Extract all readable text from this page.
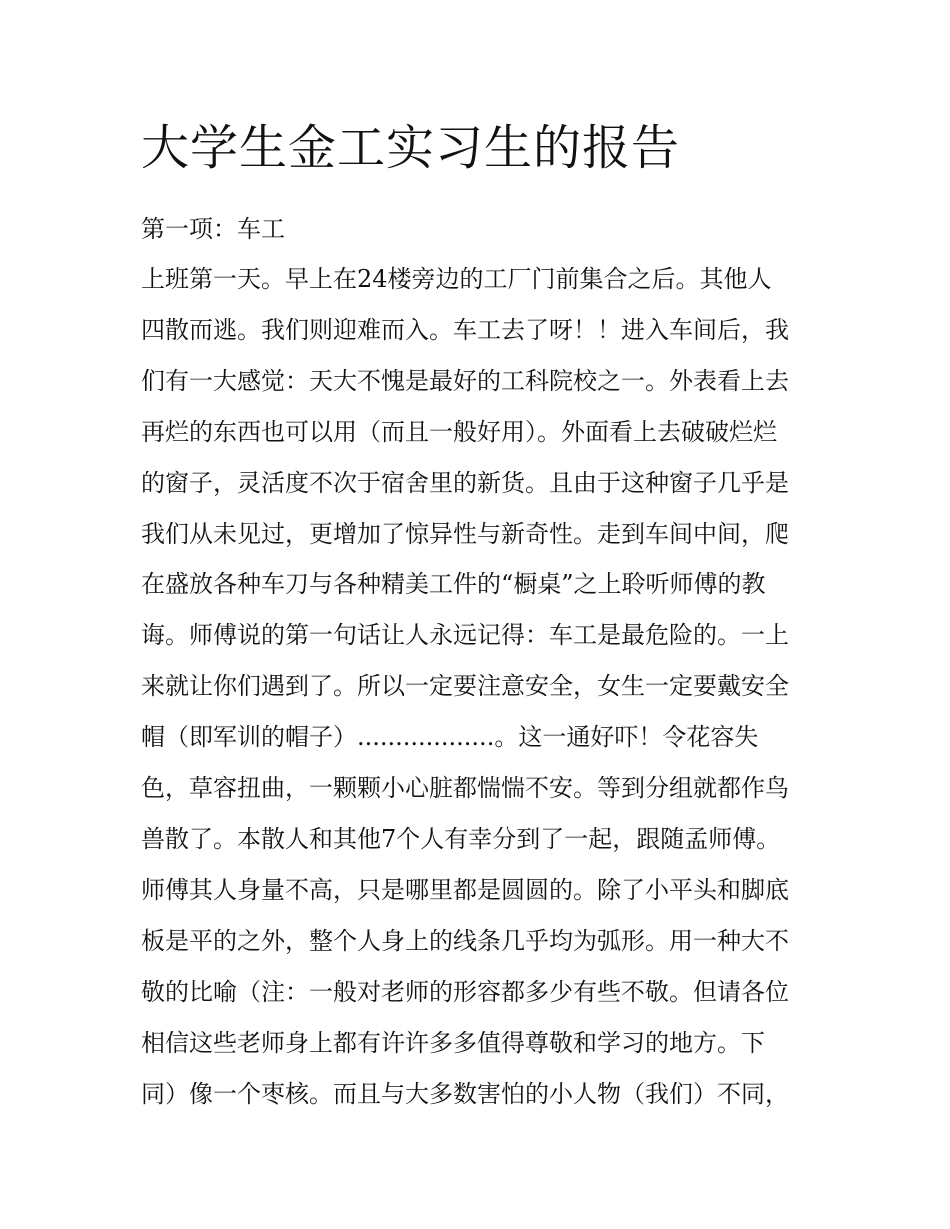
大学生金工实习生的报告
第一项：车工
上班第一天。早上在24楼旁边的工厂门前集合之后。其他人
四散而逃。我们则迎难而入。车工去了呀！！进入车间后，我
们有一大感觉：天大不愧是最好的工科院校之一。外表看上去
再烂的东西也可以用（而且一般好用）。外面看上去破破烂烂
的窗子，灵活度不次于宿舍里的新货。且由于这种窗子几乎是
我们从未见过，更增加了惊异性与新奇性。走到车间中间，爬
在盛放各种车刀与各种精美工件的“橱桌”之上聆听师傅的教
诲。师傅说的第一句话让人永远记得：车工是最危险的。一上
来就让你们遇到了。所以一定要注意安全，女生一定要戴安全
帽（即军训的帽子）..................。这一通好吓！令花容失
色，草容扭曲，一颗颗小心脏都惴惴不安。等到分组就都作鸟
兽散了。本散人和其他7个人有幸分到了一起，跟随孟师傅。
师傅其人身量不高，只是哪里都是圆圆的。除了小平头和脚底
板是平的之外，整个人身上的线条几乎均为弧形。用一种大不
敬的比喻（注：一般对老师的形容都多少有些不敬。但请各位
相信这些老师身上都有许许多多值得尊敬和学习的地方。下
同）像一个枣核。而且与大多数害怕的小人物（我们）不同，
